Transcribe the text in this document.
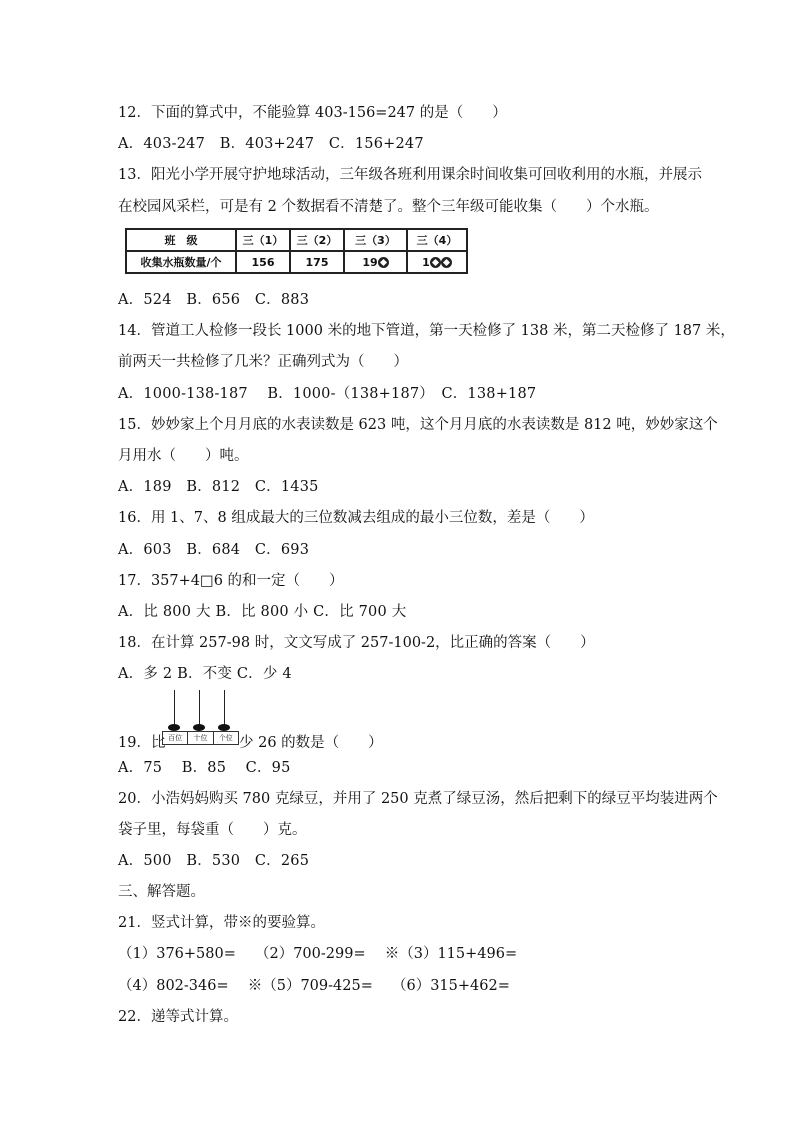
12．下面的算式中，不能验算 403-156=247 的是（　　）
A．403-247　B．403+247　C．156+247
13．阳光小学开展守护地球活动，三年级各班利用课余时间收集可回收利用的水瓶，并展示
在校园风采栏，可是有 2 个数据看不清楚了。整个三年级可能收集（　　）个水瓶。
班　级	三（1）	三（2）	三（3）	三（4）
收集水瓶数量/个	156	175	19	1
A．524　B．656　C．883
14．管道工人检修一段长 1000 米的地下管道，第一天检修了 138 米，第二天检修了 187 米，
前两天一共检修了几米？正确列式为（　　）
A．1000-138-187　 B．1000-（138+187）　C．138+187
15．妙妙家上个月月底的水表读数是 623 吨，这个月月底的水表读数是 812 吨，妙妙家这个
月用水（　　）吨。
A．189　B．812　C．1435
16．用 1、7、8 组成最大的三位数减去组成的最小三位数，差是（　　）
A．603　B．684　C．693
17．357+4□6 的和一定（　　）
A．比 800 大 B．比 800 小 C．比 700 大
18．在计算 257-98 时，文文写成了 257-100-2，比正确的答案（　　）
A．多 2 B．不变 C．少 4
19．比 百位	十位	个位 少 26 的数是（　　）
A．75　 B．85　 C．95
20．小浩妈妈购买 780 克绿豆，并用了 250 克煮了绿豆汤，然后把剩下的绿豆平均装进两个
袋子里，每袋重（　　）克。
A．500　B．530　C．265
三、解答题。
21．竖式计算，带※的要验算。
（1）376+580=　 （2）700-299=　 ※（3）115+496=
（4）802-346=　 ※（5）709-425=　 （6）315+462=
22．递等式计算。
